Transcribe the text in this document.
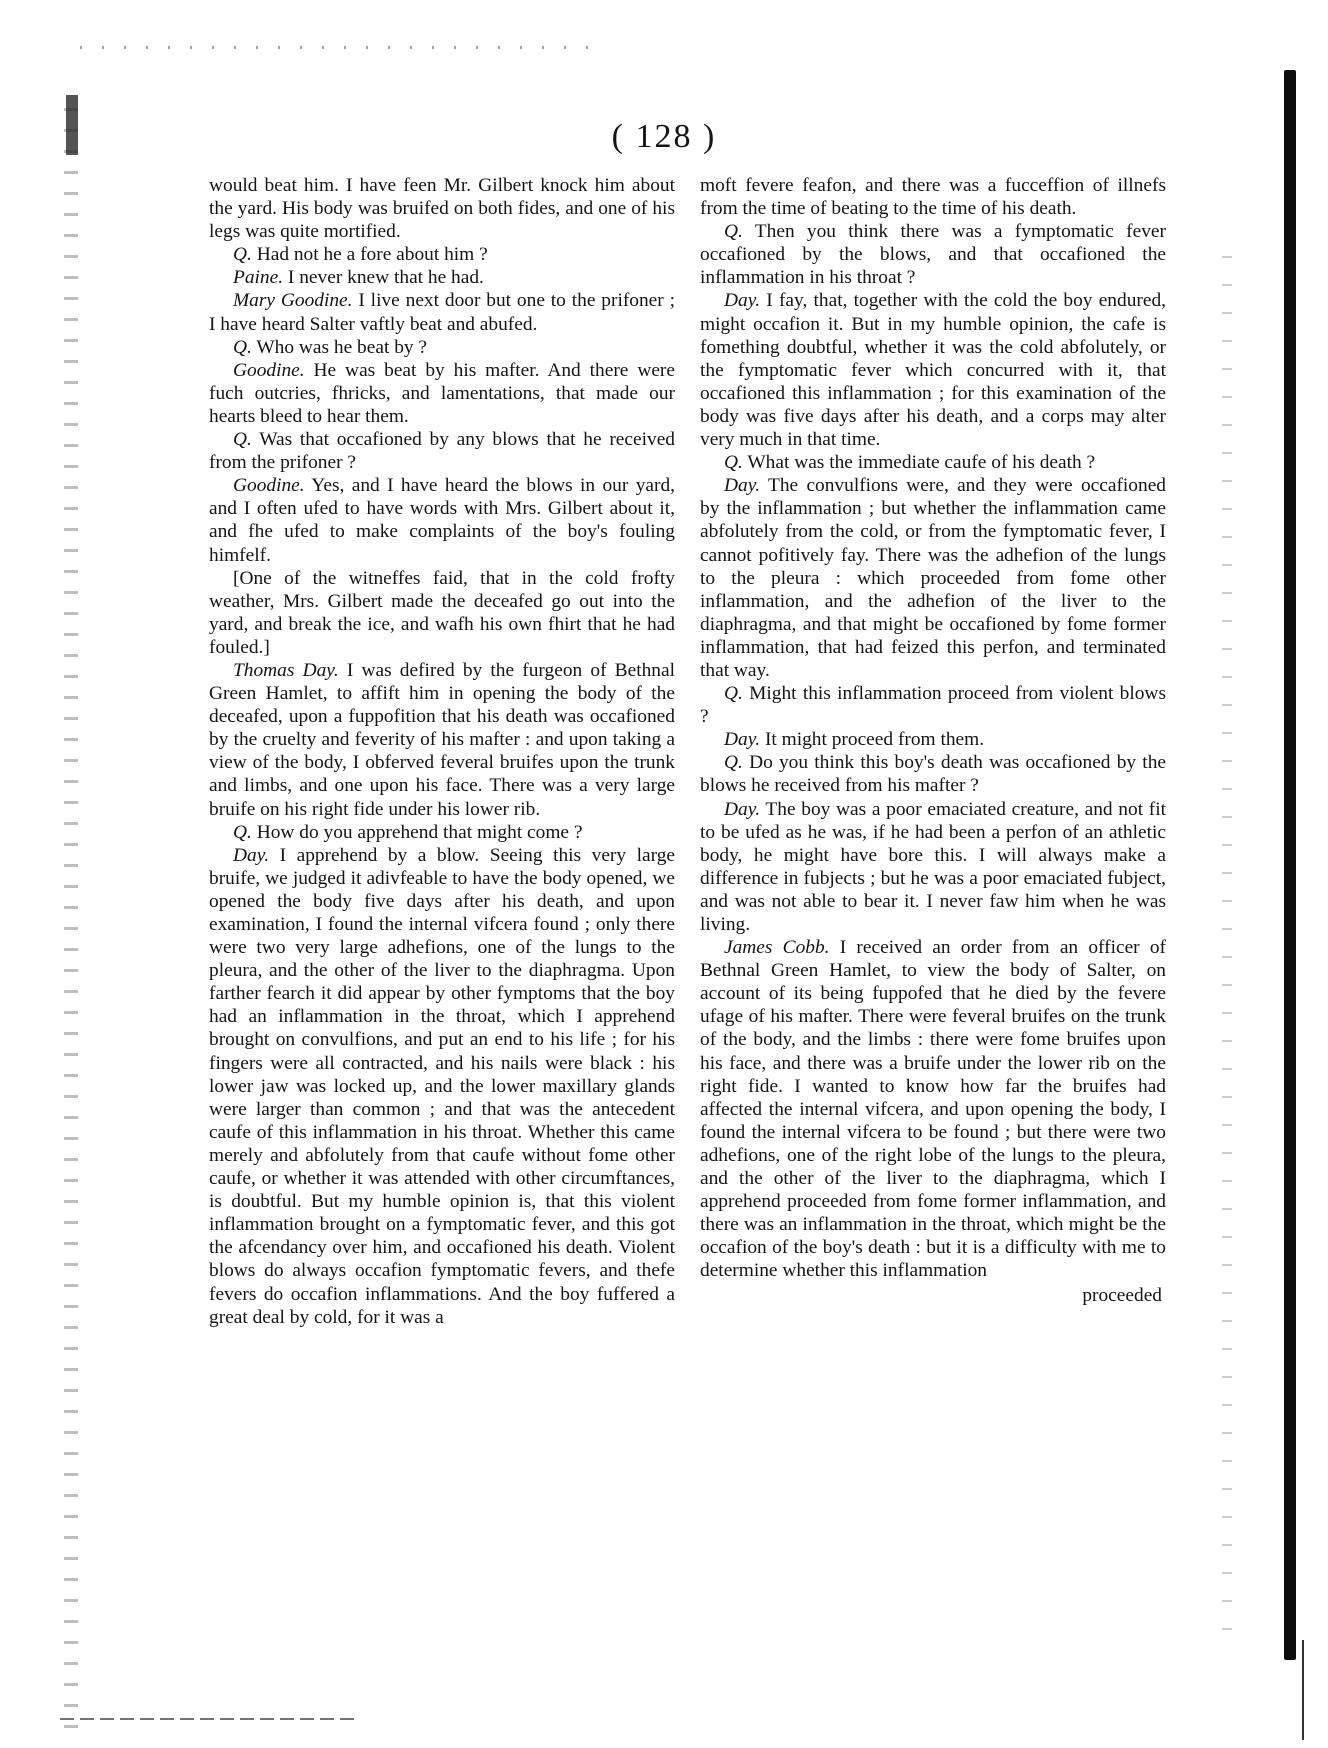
( 128 )

would beat him. I have feen Mr. Gilbert knock him about the yard. His body was bruifed on both fides, and one of his legs was quite mortified.

Q. Had not he a fore about him ?

Paine. I never knew that he had.

Mary Goodine. I live next door but one to the prifoner ; I have heard Salter vaftly beat and abufed.

Q. Who was he beat by ?

Goodine. He was beat by his mafter. And there were fuch outcries, fhricks, and lamentations, that made our hearts bleed to hear them.

Q. Was that occafioned by any blows that he received from the prifoner ?

Goodine. Yes, and I have heard the blows in our yard, and I often ufed to have words with Mrs. Gilbert about it, and fhe ufed to make complaints of the boy's fouling himfelf.

[One of the witneffes faid, that in the cold frofty weather, Mrs. Gilbert made the deceafed go out into the yard, and break the ice, and wafh his own fhirt that he had fouled.]

Thomas Day. I was defired by the furgeon of Bethnal Green Hamlet, to affift him in opening the body of the deceafed, upon a fuppofition that his death was occafioned by the cruelty and feverity of his mafter : and upon taking a view of the body, I obferved feveral bruifes upon the trunk and limbs, and one upon his face. There was a very large bruife on his right fide under his lower rib.

Q. How do you apprehend that might come ?

Day. I apprehend by a blow. Seeing this very large bruife, we judged it adivfeable to have the body opened, we opened the body five days after his death, and upon examination, I found the internal vifcera found ; only there were two very large adhefions, one of the lungs to the pleura, and the other of the liver to the diaphragma. Upon farther fearch it did appear by other fymptoms that the boy had an inflammation in the throat, which I apprehend brought on convulfions, and put an end to his life ; for his fingers were all contracted, and his nails were black : his lower jaw was locked up, and the lower maxillary glands were larger than common ; and that was the antecedent caufe of this inflammation in his throat. Whether this came merely and abfolutely from that caufe without fome other caufe, or whether it was attended with other circumftances, is doubtful. But my humble opinion is, that this violent inflammation brought on a fymptomatic fever, and this got the afcendancy over him, and occafioned his death. Violent blows do always occafion fymptomatic fevers, and thefe fevers do occafion inflammations. And the boy fuffered a great deal by cold, for it was a

moft fevere feafon, and there was a fucceffion of illnefs from the time of beating to the time of his death.

Q. Then you think there was a fymptomatic fever occafioned by the blows, and that occafioned the inflammation in his throat ?

Day. I fay, that, together with the cold the boy endured, might occafion it. But in my humble opinion, the cafe is fomething doubtful, whether it was the cold abfolutely, or the fymptomatic fever which concurred with it, that occafioned this inflammation ; for this examination of the body was five days after his death, and a corps may alter very much in that time.

Q. What was the immediate caufe of his death ?

Day. The convulfions were, and they were occafioned by the inflammation ; but whether the inflammation came abfolutely from the cold, or from the fymptomatic fever, I cannot pofitively fay. There was the adhefion of the lungs to the pleura : which proceeded from fome other inflammation, and the adhefion of the liver to the diaphragma, and that might be occafioned by fome former inflammation, that had feized this perfon, and terminated that way.

Q. Might this inflammation proceed from violent blows ?

Day. It might proceed from them.

Q. Do you think this boy's death was occafioned by the blows he received from his mafter ?

Day. The boy was a poor emaciated creature, and not fit to be ufed as he was, if he had been a perfon of an athletic body, he might have bore this. I will always make a difference in fubjects ; but he was a poor emaciated fubject, and was not able to bear it. I never faw him when he was living.

James Cobb. I received an order from an officer of Bethnal Green Hamlet, to view the body of Salter, on account of its being fuppofed that he died by the fevere ufage of his mafter. There were feveral bruifes on the trunk of the body, and the limbs : there were fome bruifes upon his face, and there was a bruife under the lower rib on the right fide. I wanted to know how far the bruifes had affected the internal vifcera, and upon opening the body, I found the internal vifcera to be found ; but there were two adhefions, one of the right lobe of the lungs to the pleura, and the other of the liver to the diaphragma, which I apprehend proceeded from fome former inflammation, and there was an inflammation in the throat, which might be the occafion of the boy's death : but it is a difficulty with me to determine whether this inflammation

proceeded
